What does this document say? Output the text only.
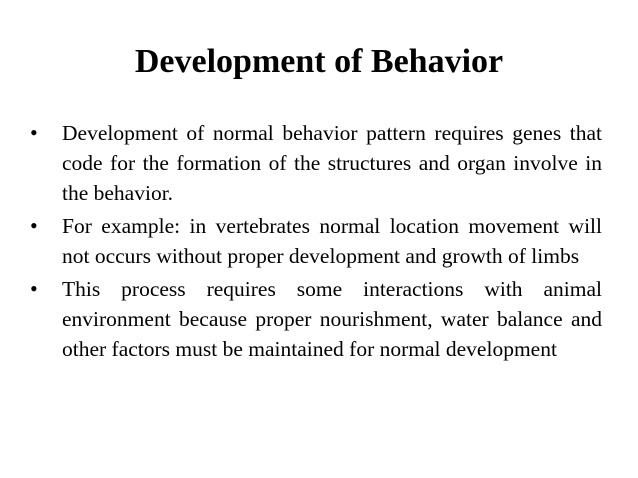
Development of Behavior
• Development of normal behavior pattern requires genes that code for the formation of the structures and organ involve in the behavior.
• For example: in vertebrates normal location movement will not occurs without proper development and growth of limbs
• This process requires some interactions with animal environment because proper nourishment, water balance and other factors must be maintained for normal development
